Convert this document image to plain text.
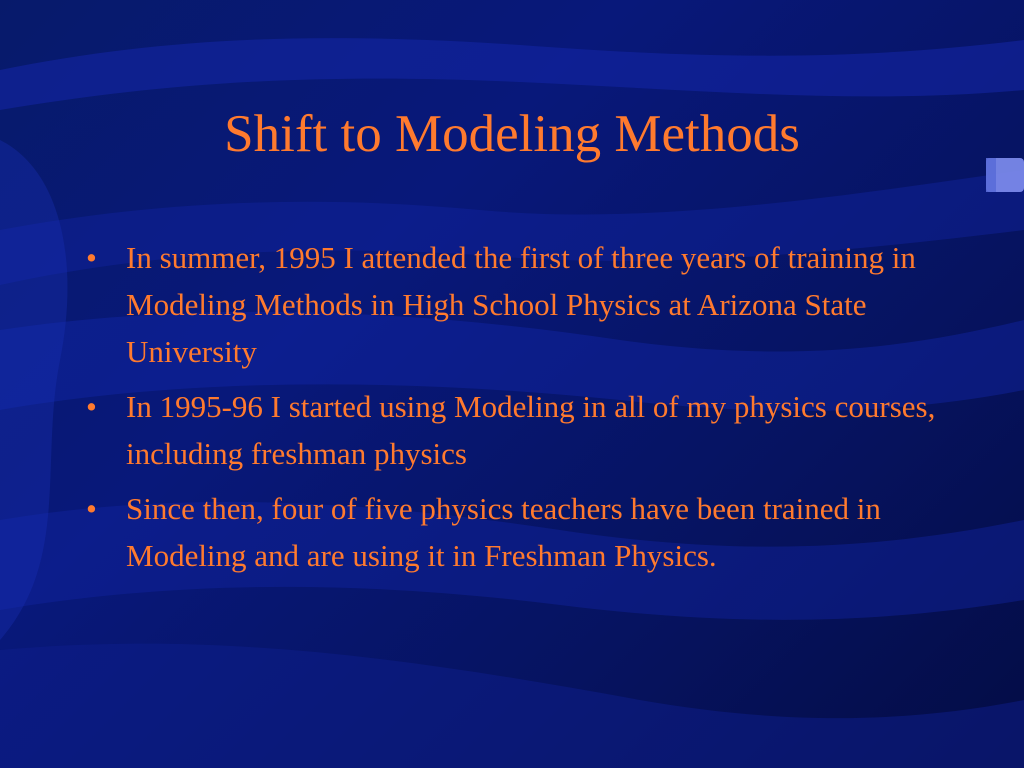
Shift to Modeling Methods
• In summer, 1995 I attended the first of three years of training in Modeling Methods in High School Physics at Arizona State University
• In 1995-96 I started using Modeling in all of my physics courses, including freshman physics
• Since then, four of five physics teachers have been trained in Modeling and are using it in Freshman Physics.
